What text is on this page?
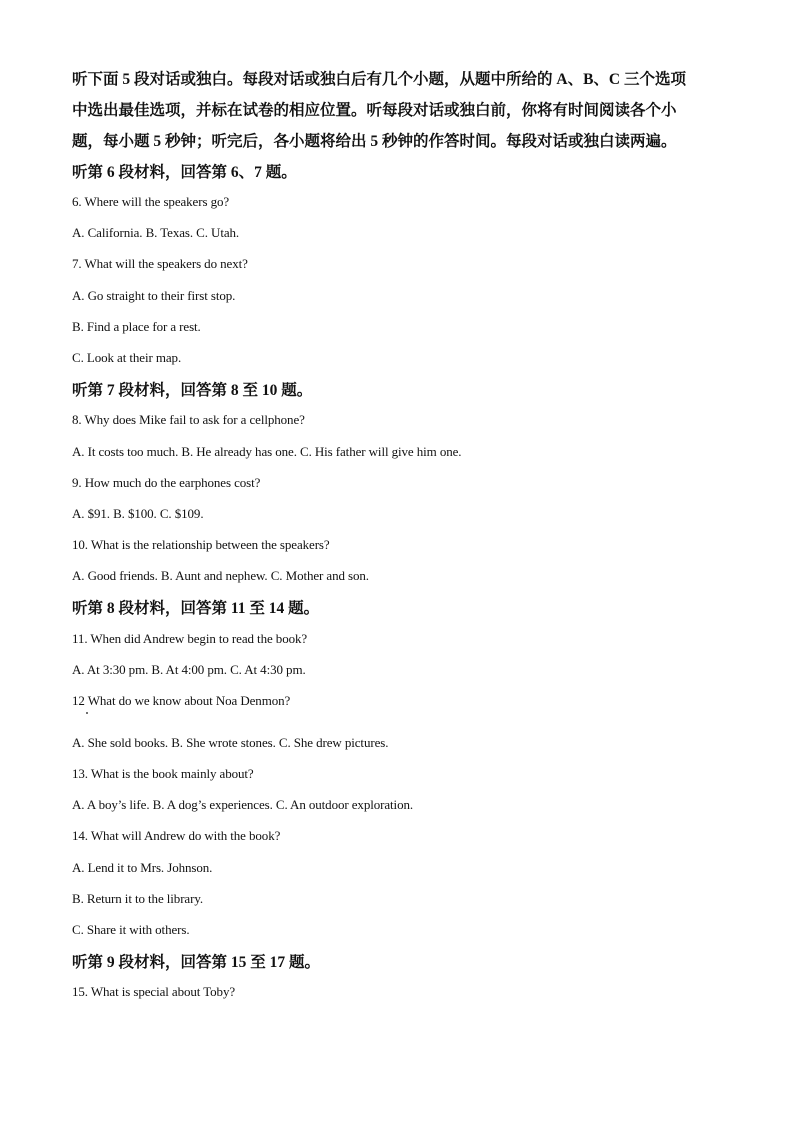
听下面 5 段对话或独白。每段对话或独白后有几个小题，从题中所给的 A、B、C 三个选项
中选出最佳选项，并标在试卷的相应位置。听每段对话或独白前，你将有时间阅读各个小
题，每小题 5 秒钟；听完后，各小题将给出 5 秒钟的作答时间。每段对话或独白读两遍。
听第 6 段材料，回答第 6、7 题。
6. Where will the speakers go?
A. California. B. Texas. C. Utah.
7. What will the speakers do next?
A. Go straight to their first stop.
B. Find a place for a rest.
C. Look at their map.
听第 7 段材料，回答第 8 至 10 题。
8. Why does Mike fail to ask for a cellphone?
A. It costs too much. B. He already has one. C. His father will give him one.
9. How much do the earphones cost?
A. $91. B. $100. C. $109.
10. What is the relationship between the speakers?
A. Good friends. B. Aunt and nephew. C. Mother and son.
听第 8 段材料，回答第 11 至 14 题。
11. When did Andrew begin to read the book?
A. At 3:30 pm. B. At 4:00 pm. C. At 4:30 pm.
12 What do we know about Noa Denmon?
A. She sold books. B. She wrote stones. C. She drew pictures.
13. What is the book mainly about?
A. A boy’s life. B. A dog’s experiences. C. An outdoor exploration.
14. What will Andrew do with the book?
A. Lend it to Mrs. Johnson.
B. Return it to the library.
C. Share it with others.
听第 9 段材料，回答第 15 至 17 题。
15. What is special about Toby?
